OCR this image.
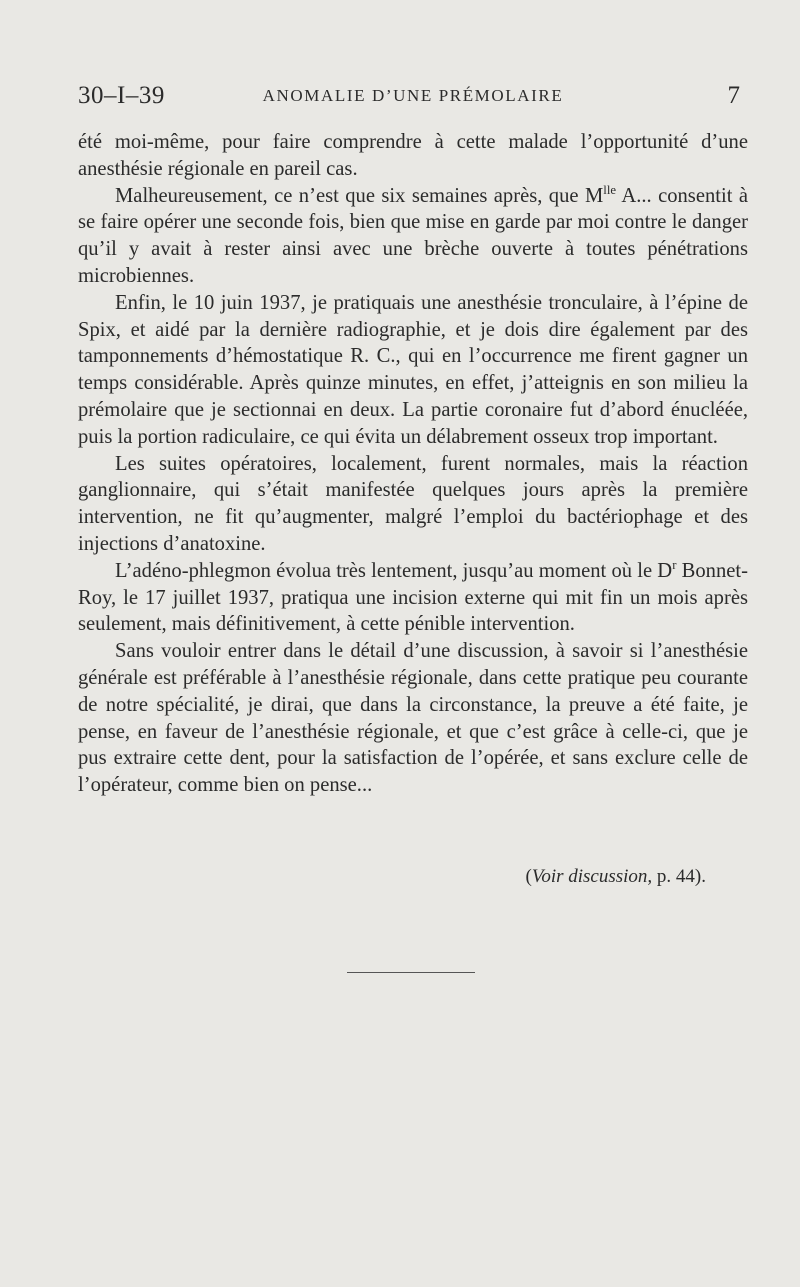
30–I–39	ANOMALIE D’UNE PRÉMOLAIRE	7

été moi-même, pour faire comprendre à cette malade l’opportunité d’une anesthésie régionale en pareil cas.

Malheureusement, ce n’est que six semaines après, que $M^{lle}$ A... consentit à se faire opérer une seconde fois, bien que mise en garde par moi contre le danger qu’il y avait à rester ainsi avec une brèche ouverte à toutes pénétrations microbiennes.

Enfin, le 10 juin 1937, je pratiquais une anesthésie tronculaire, à l’épine de Spix, et aidé par la dernière radiographie, et je dois dire également par des tamponnements d’hémostatique R. C., qui en l’occurrence me firent gagner un temps considérable. Après quinze minutes, en effet, j’atteignis en son milieu la prémolaire que je sectionnai en deux. La partie coronaire fut d’abord énucléée, puis la portion radiculaire, ce qui évita un délabrement osseux trop important.

Les suites opératoires, localement, furent normales, mais la réaction ganglionnaire, qui s’était manifestée quelques jours après la première intervention, ne fit qu’augmenter, malgré l’emploi du bactériophage et des injections d’anatoxine.

L’adéno-phlegmon évolua très lentement, jusqu’au moment où le $D^r$ Bonnet-Roy, le 17 juillet 1937, pratiqua une incision externe qui mit fin un mois après seulement, mais définitivement, à cette pénible intervention.

Sans vouloir entrer dans le détail d’une discussion, à savoir si l’anesthésie générale est préférable à l’anesthésie régionale, dans cette pratique peu courante de notre spécialité, je dirai, que dans la circonstance, la preuve a été faite, je pense, en faveur de l’anesthésie régionale, et que c’est grâce à celle-ci, que je pus extraire cette dent, pour la satisfaction de l’opérée, et sans exclure celle de l’opérateur, comme bien on pense...

(Voir discussion, p. 44).
